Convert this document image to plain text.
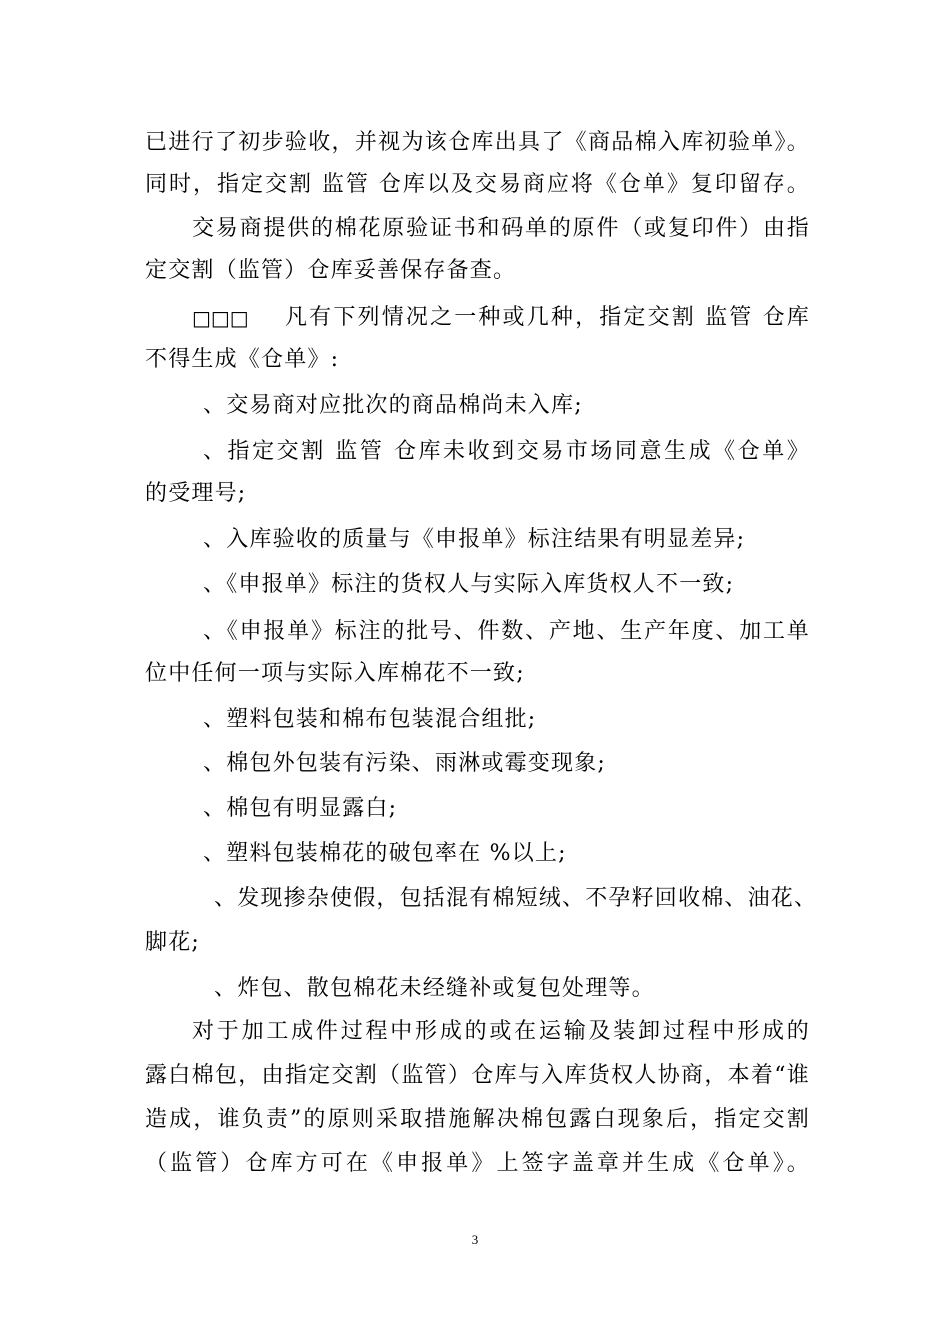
已进行了初步验收，并视为该仓库出具了《商品棉入库初验单》。
同时，指定交割 监管 仓库以及交易商应将《仓单》复印留存。
交易商提供的棉花原验证书和码单的原件（或复印件）由指
定交割（监管）仓库妥善保存备查。
□□□ 凡有下列情况之一种或几种，指定交割 监管 仓库
不得生成《仓单》:
、交易商对应批次的商品棉尚未入库;
、指定交割 监管 仓库未收到交易市场同意生成《仓单》
的受理号;
、入库验收的质量与《申报单》标注结果有明显差异;
、《申报单》标注的货权人与实际入库货权人不一致;
、《申报单》标注的批号、件数、产地、生产年度、加工单
位中任何一项与实际入库棉花不一致;
、塑料包装和棉布包装混合组批;
、棉包外包装有污染、雨淋或霉变现象;
、棉包有明显露白;
、塑料包装棉花的破包率在 %以上;
、发现掺杂使假，包括混有棉短绒、不孕籽回收棉、油花、
脚花;
、炸包、散包棉花未经缝补或复包处理等。
对于加工成件过程中形成的或在运输及装卸过程中形成的
露白棉包，由指定交割（监管）仓库与入库货权人协商，本着“谁
造成，谁负责”的原则采取措施解决棉包露白现象后，指定交割
（监管）仓库方可在《申报单》上签字盖章并生成《仓单》。
3
